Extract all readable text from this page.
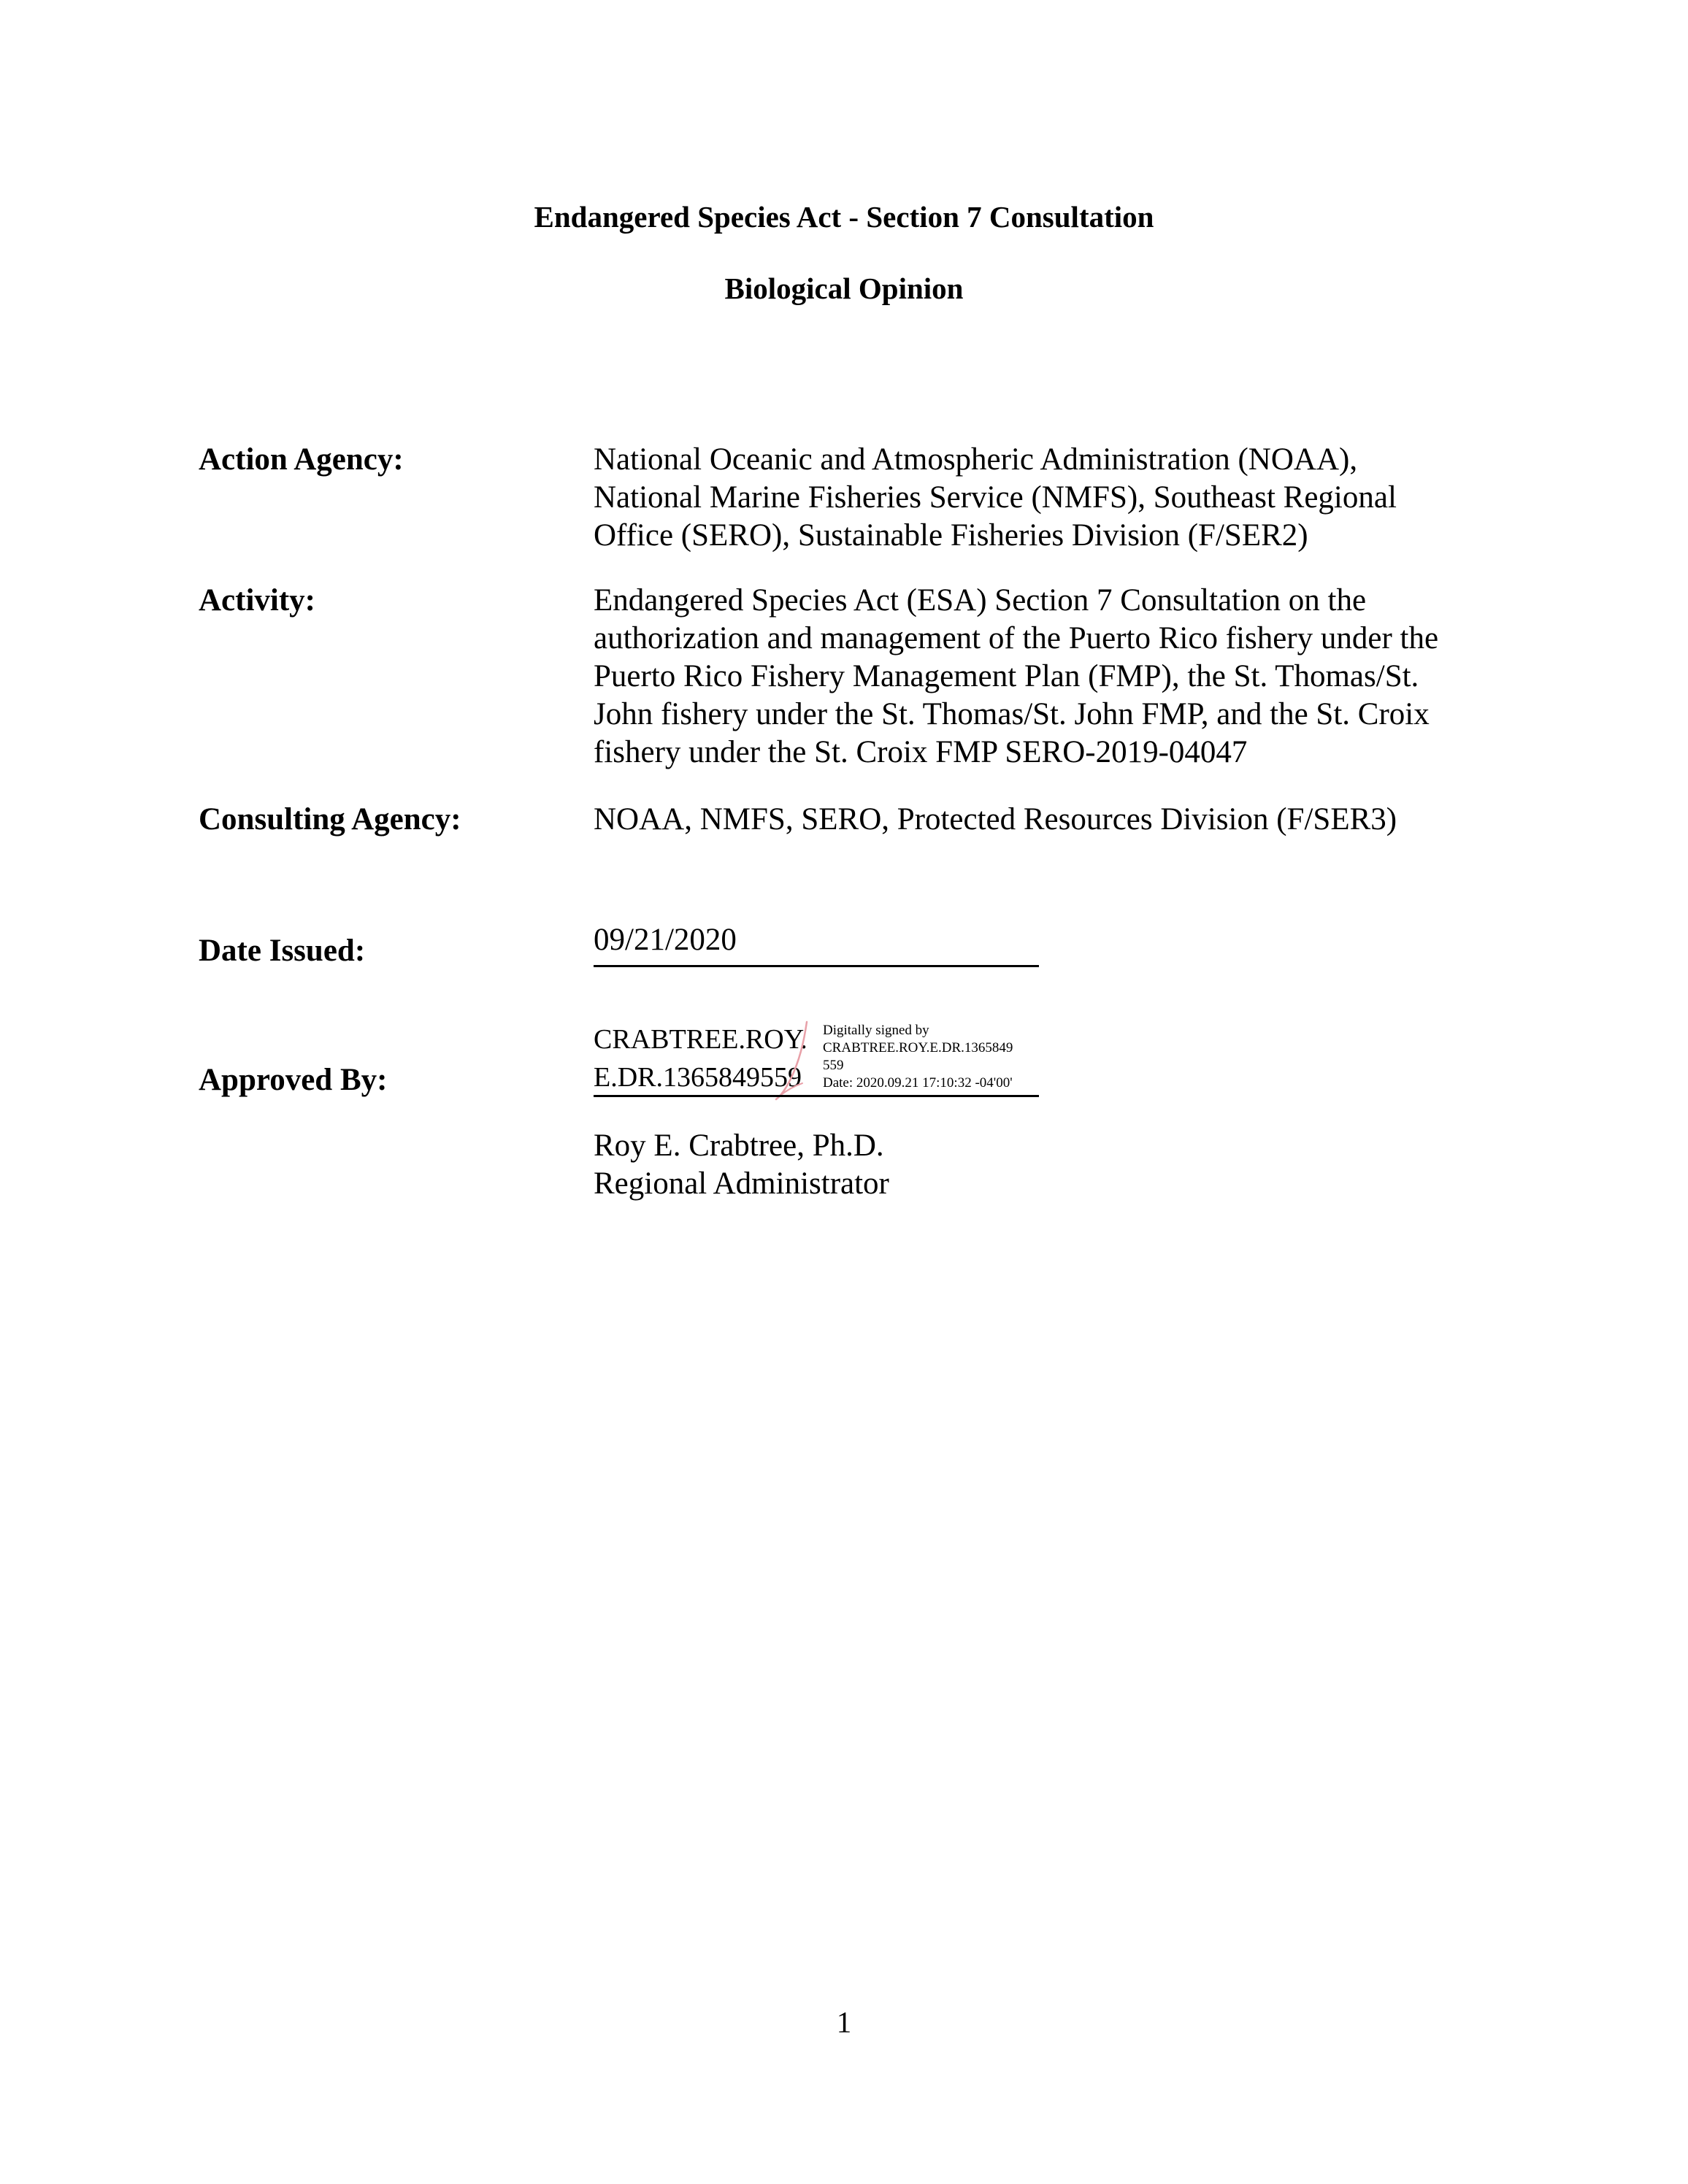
Endangered Species Act - Section 7 Consultation
Biological Opinion
Action Agency:	National Oceanic and Atmospheric Administration (NOAA),
National Marine Fisheries Service (NMFS), Southeast Regional
Office (SERO), Sustainable Fisheries Division (F/SER2)
Activity:	Endangered Species Act (ESA) Section 7 Consultation on the
authorization and management of the Puerto Rico fishery under the
Puerto Rico Fishery Management Plan (FMP), the St. Thomas/St.
John fishery under the St. Thomas/St. John FMP, and the St. Croix
fishery under the St. Croix FMP SERO-2019-04047
Consulting Agency:	NOAA, NMFS, SERO, Protected Resources Division (F/SER3)
Date Issued:	09/21/2020
Approved By:
CRABTREE.ROY.
E.DR.1365849559
Digitally signed by
CRABTREE.ROY.E.DR.1365849
559
Date: 2020.09.21 17:10:32 -04'00'
Roy E. Crabtree, Ph.D.
Regional Administrator
1
